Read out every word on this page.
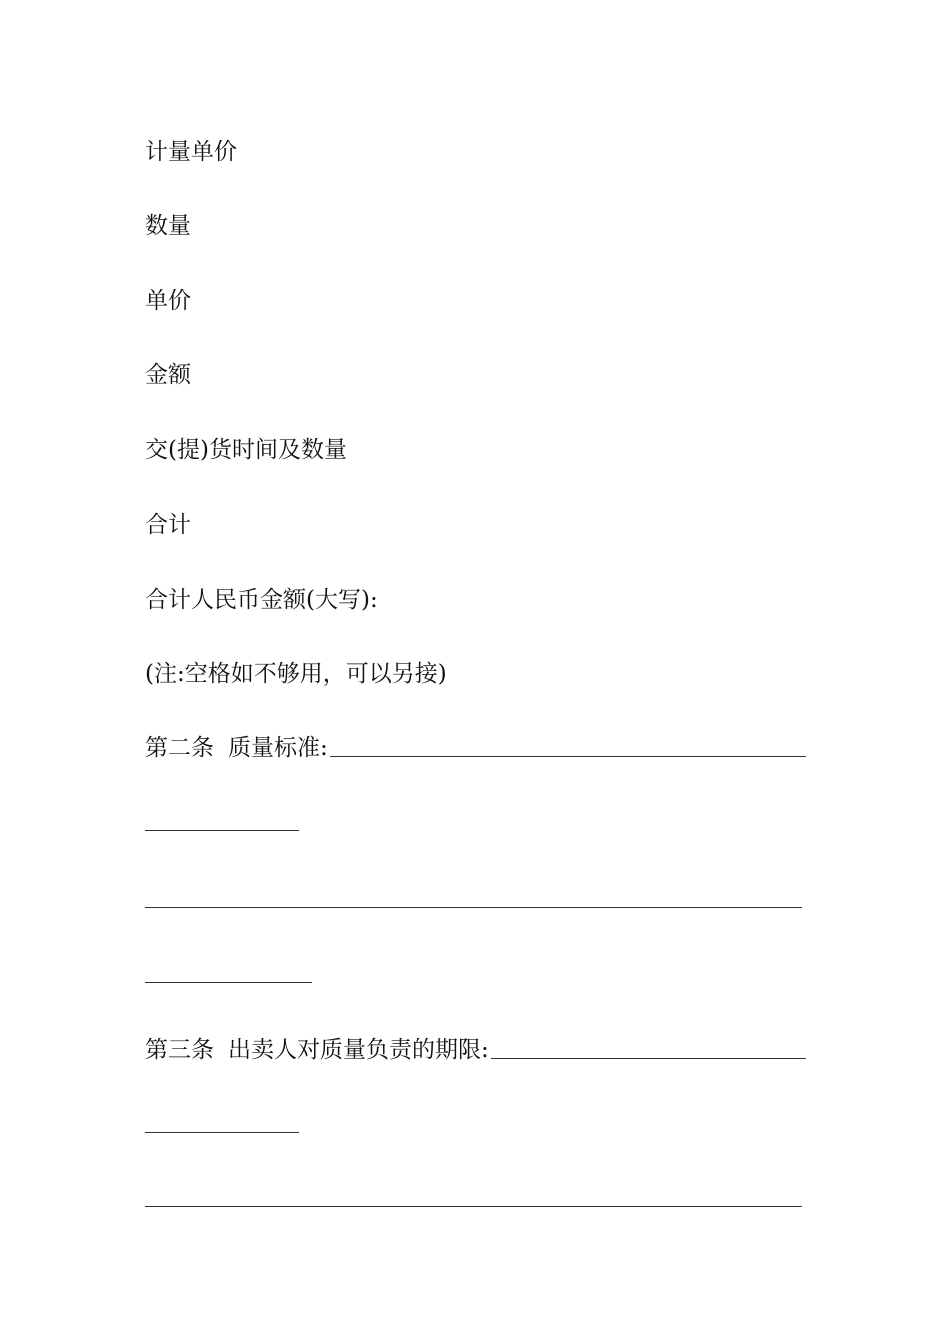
计量单价
数量
单价
金额
交(提)货时间及数量
合计
合计人民币金额(大写):
(注:空格如不够用，可以另接)
第二条 质量标准:
第三条 出卖人对质量负责的期限:
